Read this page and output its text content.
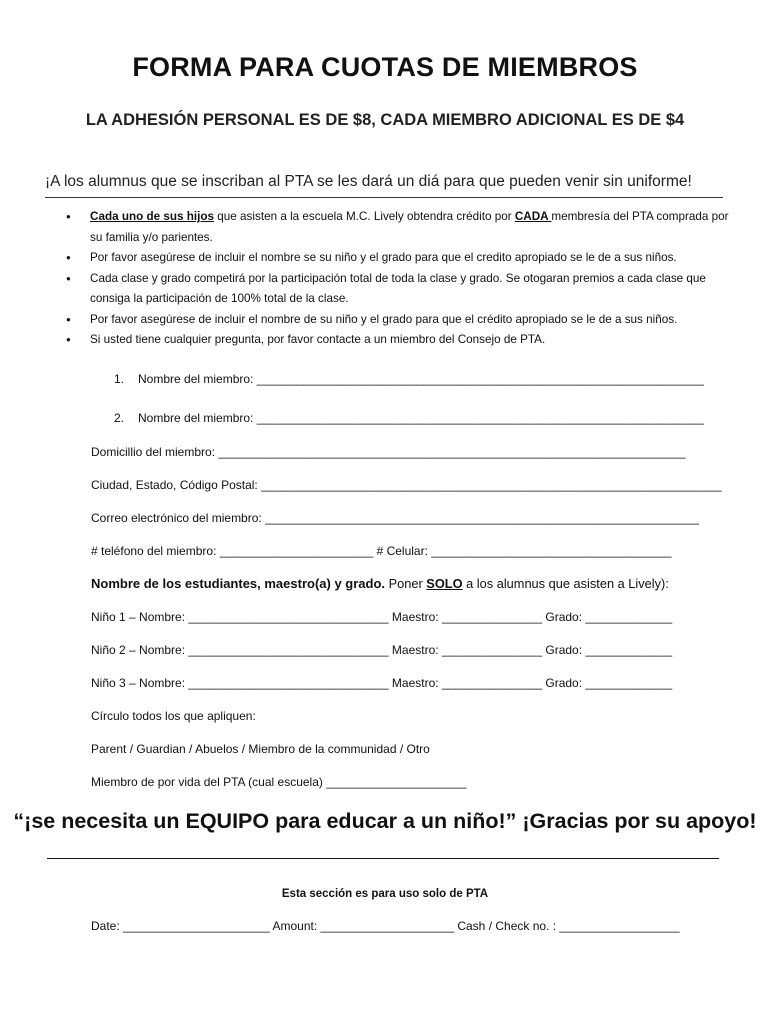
FORMA PARA CUOTAS DE MIEMBROS
LA ADHESIÓN PERSONAL ES DE $8, CADA MIEMBRO ADICIONAL ES DE $4
¡A los alumnus que se inscriban al PTA se les dará un diá para que pueden venir sin uniforme!
● Cada uno de sus hijos que asisten a la escuela M.C. Lively obtendra crédito por CADA membresía del PTA comprada por su familia y/o parientes.
● Por favor asegúrese de incluir el nombre se su niño y el grado para que el credito apropiado se le de a sus niños.
● Cada clase y grado competirá por la participación total de toda la clase y grado. Se otogaran premios a cada clase que consiga la participación de 100% total de la clase.
● Por favor asegúrese de incluir el nombre de su niño y el grado para que el crédito apropiado se le de a sus niños.
● Si usted tiene cualquier pregunta, por favor contacte a un miembro del Consejo de PTA.
1. Nombre del miembro: ___________________________________________________________________
2. Nombre del miembro: ___________________________________________________________________
Domicillio del miembro: ______________________________________________________________________
Ciudad, Estado, Código Postal: _____________________________________________________________________
Correo electrónico del miembro: _________________________________________________________________
# teléfono del miembro: _______________________ # Celular: ____________________________________
Nombre de los estudiantes, maestro(a) y grado. Poner SOLO a los alumnus que asisten a Lively):
Niño 1 – Nombre: ______________________________ Maestro: _______________ Grado: _____________
Niño 2 – Nombre: ______________________________ Maestro: _______________ Grado: _____________
Niño 3 – Nombre: ______________________________ Maestro: _______________ Grado: _____________
Círculo todos los que apliquen:
Parent / Guardian / Abuelos / Miembro de la communidad / Otro
Miembro de por vida del PTA (cual escuela) _____________________
“¡se necesita un EQUIPO para educar a un niño!” ¡Gracias por su apoyo!
Esta sección es para uso solo de PTA
Date: ______________________ Amount: ____________________ Cash / Check no. : __________________
